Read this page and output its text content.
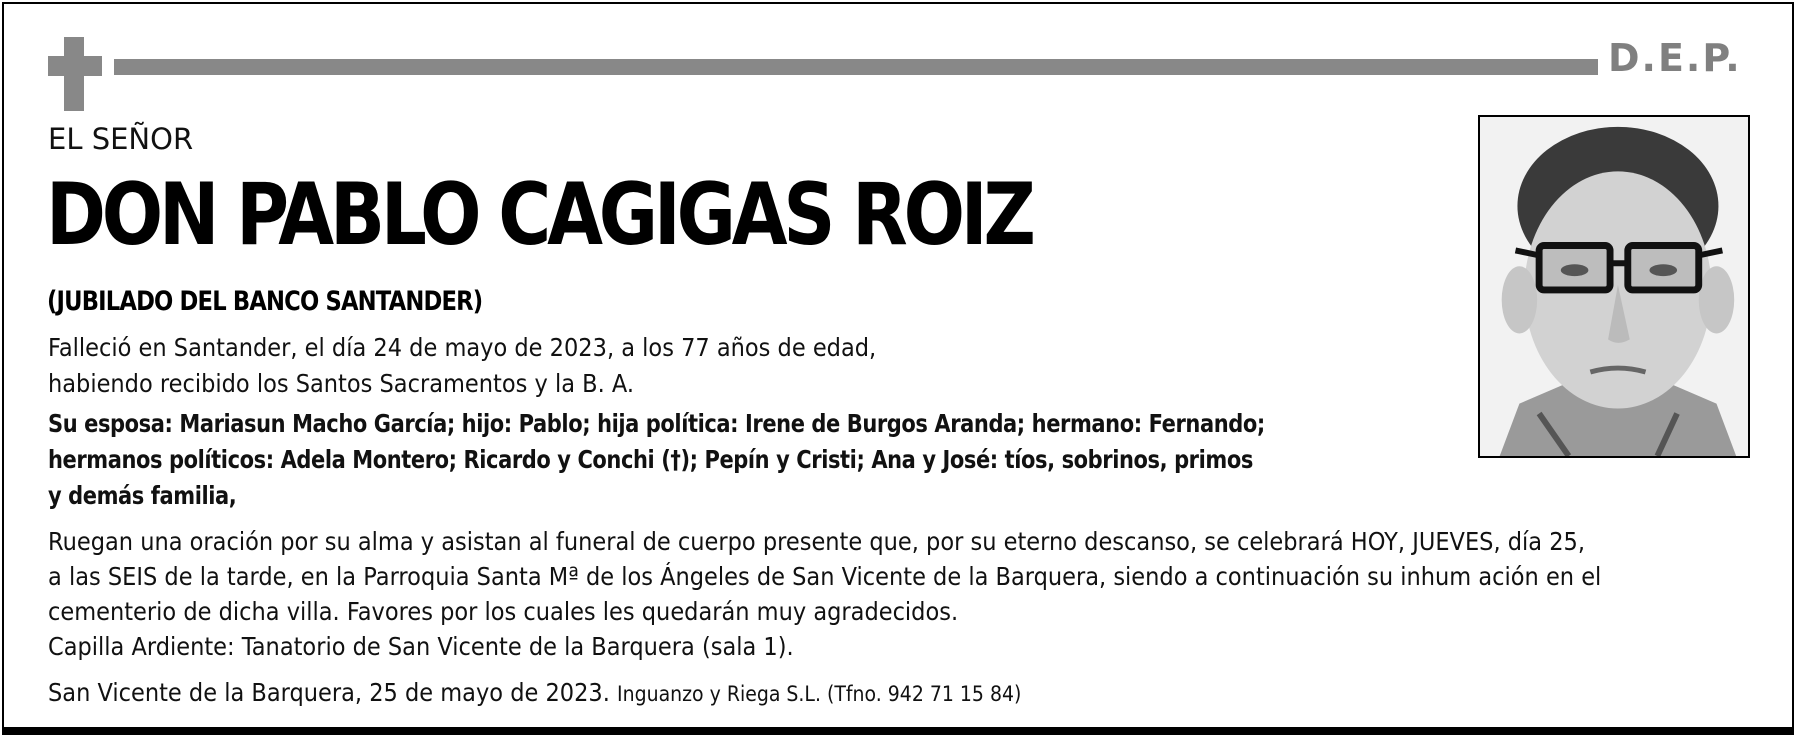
D.E.P.
EL SEÑOR
DON PABLO CAGIGAS ROIZ
(JUBILADO DEL BANCO SANTANDER)
Falleció en Santander, el día 24 de mayo de 2023, a los 77 años de edad,
habiendo recibido los Santos Sacramentos y la B. A.
Su esposa: Mariasun Macho García; hijo: Pablo; hija política: Irene de Burgos Aranda; hermano: Fernando;
hermanos políticos: Adela Montero; Ricardo y Conchi (†); Pepín y Cristi; Ana y José: tíos, sobrinos, primos
y demás familia,
Ruegan una oración por su alma y asistan al funeral de cuerpo presente que, por su eterno descanso, se celebrará HOY, JUEVES, día 25,
a las SEIS de la tarde, en la Parroquia Santa Mª de los Ángeles de San Vicente de la Barquera, siendo a continuación su inhum ación en el
cementerio de dicha villa. Favores por los cuales les quedarán muy agradecidos.
Capilla Ardiente: Tanatorio de San Vicente de la Barquera (sala 1).
San Vicente de la Barquera, 25 de mayo de 2023. Inguanzo y Riega S.L. (Tfno. 942 71 15 84)
